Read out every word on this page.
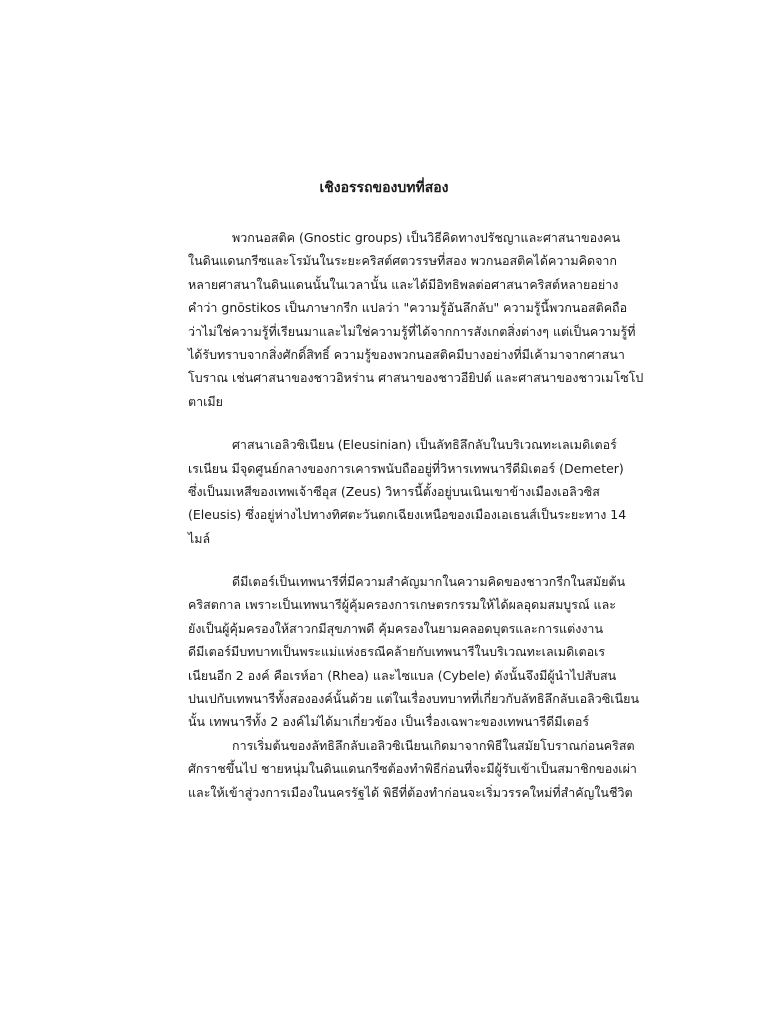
เชิงอรรถของบทที่สอง
พวกนอสติค (Gnostic groups) เป็นวิธีคิดทางปรัชญาและศาสนาของคน
ในดินแดนกรีซและโรมันในระยะคริสต์ศตวรรษที่สอง พวกนอสติคได้ความคิดจาก
หลายศาสนาในดินแดนนั้นในเวลานั้น และได้มีอิทธิพลต่อศาสนาคริสต์หลายอย่าง
คำว่า gnōstikos เป็นภาษากรีก แปลว่า "ความรู้อันลึกลับ" ความรู้นี้พวกนอสติคถือ
ว่าไม่ใช่ความรู้ที่เรียนมาและไม่ใช่ความรู้ที่ได้จากการสังเกตสิ่งต่างๆ แต่เป็นความรู้ที่
ได้รับทราบจากสิ่งศักดิ์สิทธิ์ ความรู้ของพวกนอสติคมีบางอย่างที่มีเค้ามาจากศาสนา
โบราณ เช่นศาสนาของชาวอิหร่าน ศาสนาของชาวอียิปต์ และศาสนาของชาวเมโซโป
ตาเมีย
ศาสนาเอลิวซิเนียน (Eleusinian) เป็นลัทธิลึกลับในบริเวณทะเลเมดิเตอร์
เรเนียน มีจุดศูนย์กลางของการเคารพนับถืออยู่ที่วิหารเทพนารีดีมิเตอร์ (Demeter)
ซึ่งเป็นมเหสีของเทพเจ้าซีอุส (Zeus) วิหารนี้ตั้งอยู่บนเนินเขาข้างเมืองเอลิวซิส
(Eleusis) ซึ่งอยู่ห่างไปทางทิศตะวันตกเฉียงเหนือของเมืองเอเธนส์เป็นระยะทาง 14
ไมล์
ดีมีเตอร์เป็นเทพนารีที่มีความสำคัญมากในความคิดของชาวกรีกในสมัยต้น
คริสตกาล เพราะเป็นเทพนารีผู้คุ้มครองการเกษตรกรรมให้ได้ผลอุดมสมบูรณ์ และ
ยังเป็นผู้คุ้มครองให้สาวกมีสุขภาพดี คุ้มครองในยามคลอดบุตรและการแต่งงาน
ดีมีเตอร์มีบทบาทเป็นพระแม่แห่งธรณีคล้ายกับเทพนารีในบริเวณทะเลเมดิเตอเร
เนียนอีก 2 องค์ คือเรห์อา (Rhea) และไซแบล (Cybele) ดังนั้นจึงมีผู้นำไปสับสน
ปนเปกับเทพนารีทั้งสององค์นั้นด้วย แต่ในเรื่องบทบาทที่เกี่ยวกับลัทธิลึกลับเอลิวซิเนียน
นั้น เทพนารีทั้ง 2 องค์ไม่ได้มาเกี่ยวข้อง เป็นเรื่องเฉพาะของเทพนารีดีมีเตอร์
การเริ่มต้นของลัทธิลึกลับเอลิวซิเนียนเกิดมาจากพิธีในสมัยโบราณก่อนคริสต
ศักราชขึ้นไป ชายหนุ่มในดินแดนกรีซต้องทำพิธีก่อนที่จะมีผู้รับเข้าเป็นสมาชิกของเผ่า
และให้เข้าสู่วงการเมืองในนครรัฐได้ พิธีที่ต้องทำก่อนจะเริ่มวรรคใหม่ที่สำคัญในชีวิต
